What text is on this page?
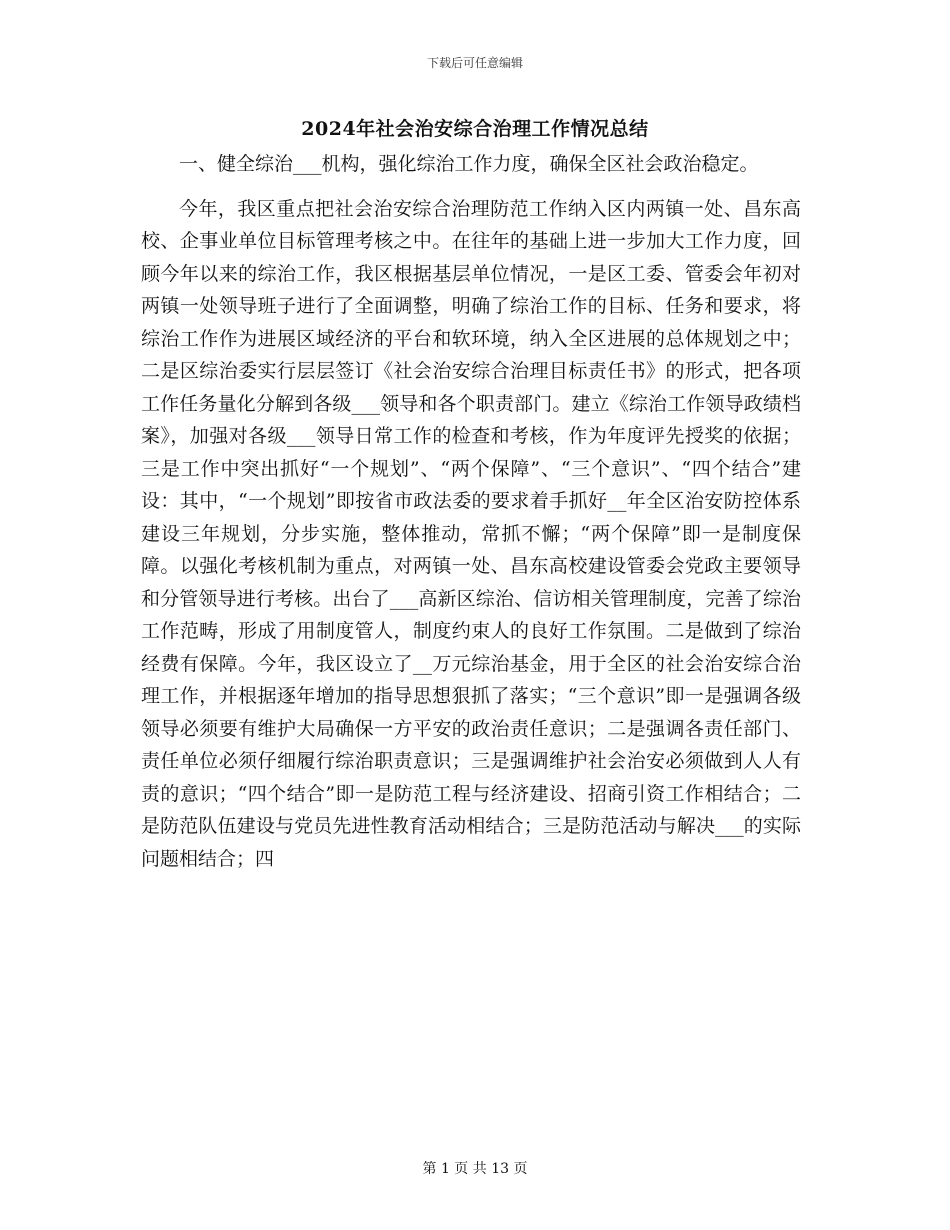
下载后可任意编辑
2024年社会治安综合治理工作情况总结

一、健全综治___机构，强化综治工作力度，确保全区社会政治稳定。

今年，我区重点把社会治安综合治理防范工作纳入区内两镇一处、昌东高校、企事业单位目标管理考核之中。在往年的基础上进一步加大工作力度，回顾今年以来的综治工作，我区根据基层单位情况，一是区工委、管委会年初对两镇一处领导班子进行了全面调整，明确了综治工作的目标、任务和要求，将综治工作作为进展区域经济的平台和软环境，纳入全区进展的总体规划之中；二是区综治委实行层层签订《社会治安综合治理目标责任书》的形式，把各项工作任务量化分解到各级___领导和各个职责部门。建立《综治工作领导政绩档案》，加强对各级___领导日常工作的检查和考核，作为年度评先授奖的依据；三是工作中突出抓好“一个规划”、“两个保障”、“三个意识”、“四个结合”建设：其中，“一个规划”即按省市政法委的要求着手抓好__年全区治安防控体系建设三年规划，分步实施，整体推动，常抓不懈；“两个保障”即一是制度保障。以强化考核机制为重点，对两镇一处、昌东高校建设管委会党政主要领导和分管领导进行考核。出台了___高新区综治、信访相关管理制度，完善了综治工作范畴，形成了用制度管人，制度约束人的良好工作氛围。二是做到了综治经费有保障。今年，我区设立了__万元综治基金，用于全区的社会治安综合治理工作，并根据逐年增加的指导思想狠抓了落实；“三个意识”即一是强调各级领导必须要有维护大局确保一方平安的政治责任意识；二是强调各责任部门、责任单位必须仔细履行综治职责意识；三是强调维护社会治安必须做到人人有责的意识；“四个结合”即一是防范工程与经济建设、招商引资工作相结合；二是防范队伍建设与党员先进性教育活动相结合；三是防范活动与解决___的实际问题相结合；四

第 1 页 共 13 页
